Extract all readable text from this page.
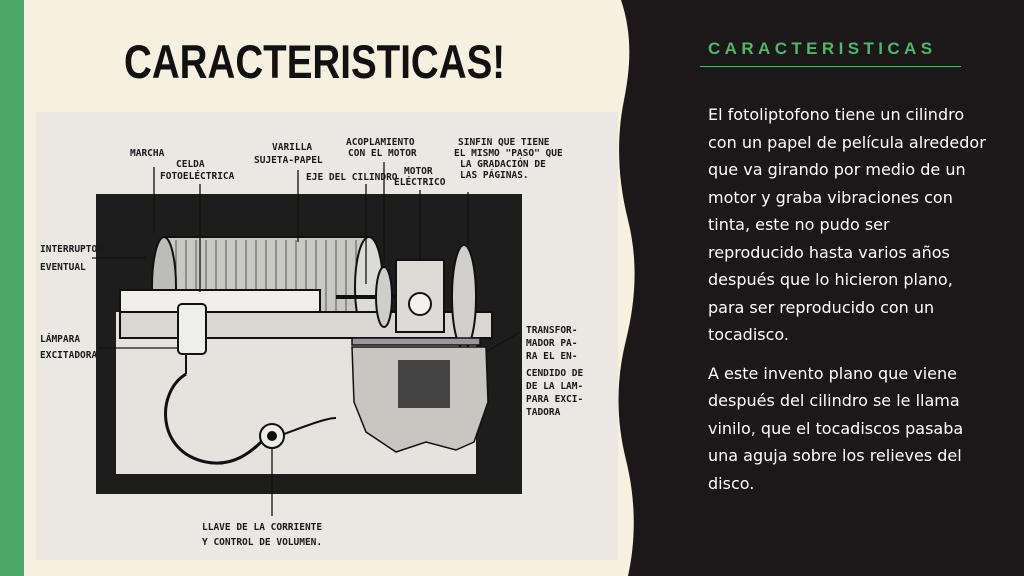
CARACTERISTICAS!
MARCHA
CELDA
FOTOELÉCTRICA
VARILLA
SUJETA-PAPEL
EJE DEL CILINDRO
ACOPLAMIENTO
CON EL MOTOR
MOTOR
ELÉCTRICO
SINFIN QUE TIENE
EL MISMO "PASO" QUE
LA GRADACIÓN DE
LAS PÁGINAS.
INTERRUPTOR
EVENTUAL
LÁMPARA
EXCITADORA
TRANSFOR-
MADOR PA-
RA EL EN-
CENDIDO DE
DE LA LAM-
PARA EXCI-
TADORA
LLAVE DE LA CORRIENTE
Y CONTROL DE VOLUMEN.
CARACTERISTICAS

El fotoliptofono tiene un cilindro con un papel de película alrededor que va girando por medio de un motor y graba vibraciones con tinta, este no pudo ser reproducido hasta varios años después que lo hicieron plano, para ser reproducido con un tocadisco.

A este invento plano que viene después del cilindro se le llama vinilo, que el tocadiscos pasaba una aguja sobre los relieves del disco.
